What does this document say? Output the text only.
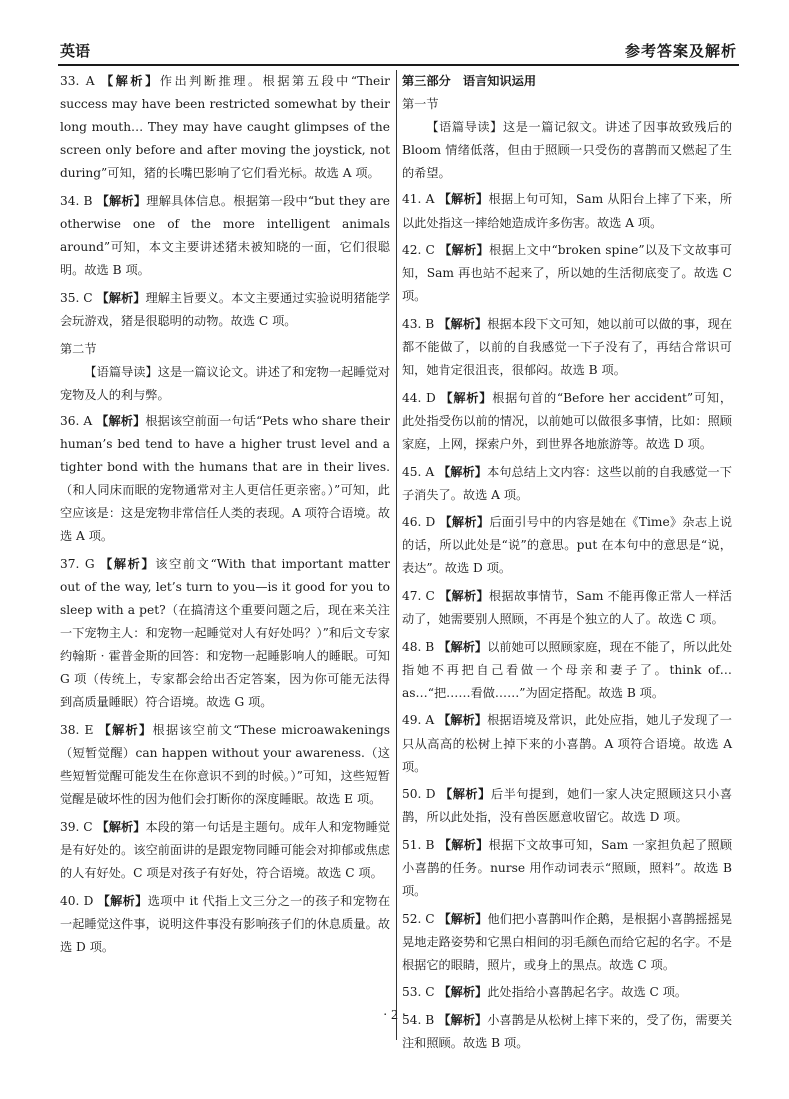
英语	参考答案及解析

33. A 【解析】作出判断推理。根据第五段中“Their success may have been restricted somewhat by their long mouth… They may have caught glimpses of the screen only before and after moving the joystick, not during”可知，猪的长嘴巴影响了它们看光标。故选 A 项。

34. B 【解析】理解具体信息。根据第一段中“but they are otherwise one of the more intelligent animals around”可知，本文主要讲述猪未被知晓的一面，它们很聪明。故选 B 项。

35. C 【解析】理解主旨要义。本文主要通过实验说明猪能学会玩游戏，猪是很聪明的动物。故选 C 项。

第二节

【语篇导读】这是一篇议论文。讲述了和宠物一起睡觉对宠物及人的利与弊。

36. A 【解析】根据该空前面一句话“Pets who share their human’s bed tend to have a higher trust level and a tighter bond with the humans that are in their lives.（和人同床而眠的宠物通常对主人更信任更亲密。）”可知，此空应该是：这是宠物非常信任人类的表现。A 项符合语境。故选 A 项。

37. G 【解析】该空前文“With that important matter out of the way, let’s turn to you—is it good for you to sleep with a pet?（在搞清这个重要问题之后，现在来关注一下宠物主人：和宠物一起睡觉对人有好处吗？）”和后文专家约翰斯 · 霍普金斯的回答：和宠物一起睡影响人的睡眠。可知 G 项（传统上，专家都会给出否定答案，因为你可能无法得到高质量睡眠）符合语境。故选 G 项。

38. E 【解析】根据该空前文“These microawakenings（短暂觉醒）can happen without your awareness.（这些短暂觉醒可能发生在你意识不到的时候。）”可知，这些短暂觉醒是破坏性的因为他们会打断你的深度睡眠。故选 E 项。

39. C 【解析】本段的第一句话是主题句。成年人和宠物睡觉是有好处的。该空前面讲的是跟宠物同睡可能会对抑郁或焦虑的人有好处。C 项是对孩子有好处，符合语境。故选 C 项。

40. D 【解析】选项中 it 代指上文三分之一的孩子和宠物在一起睡觉这件事，说明这件事没有影响孩子们的休息质量。故选 D 项。

第三部分　语言知识运用

第一节

【语篇导读】这是一篇记叙文。讲述了因事故致残后的 Bloom 情绪低落，但由于照顾一只受伤的喜鹊而又燃起了生的希望。

41. A 【解析】根据上句可知，Sam 从阳台上摔了下来，所以此处指这一摔给她造成许多伤害。故选 A 项。

42. C 【解析】根据上文中“broken spine”以及下文故事可知，Sam 再也站不起来了，所以她的生活彻底变了。故选 C 项。

43. B 【解析】根据本段下文可知，她以前可以做的事，现在都不能做了，以前的自我感觉一下子没有了，再结合常识可知，她肯定很沮丧，很郁闷。故选 B 项。

44. D 【解析】根据句首的“Before her accident”可知，此处指受伤以前的情况，以前她可以做很多事情，比如：照顾家庭，上网，探索户外，到世界各地旅游等。故选 D 项。

45. A 【解析】本句总结上文内容：这些以前的自我感觉一下子消失了。故选 A 项。

46. D 【解析】后面引号中的内容是她在《Time》杂志上说的话，所以此处是“说”的意思。put 在本句中的意思是“说，表达”。故选 D 项。

47. C 【解析】根据故事情节，Sam 不能再像正常人一样活动了，她需要别人照顾，不再是个独立的人了。故选 C 项。

48. B 【解析】以前她可以照顾家庭，现在不能了，所以此处指她不再把自己看做一个母亲和妻子了。think of…as…“把……看做……”为固定搭配。故选 B 项。

49. A 【解析】根据语境及常识，此处应指，她儿子发现了一只从高高的松树上掉下来的小喜鹊。A 项符合语境。故选 A 项。

50. D 【解析】后半句提到，她们一家人决定照顾这只小喜鹊，所以此处指，没有兽医愿意收留它。故选 D 项。

51. B 【解析】根据下文故事可知，Sam 一家担负起了照顾小喜鹊的任务。nurse 用作动词表示“照顾，照料”。故选 B 项。

52. C 【解析】他们把小喜鹊叫作企鹅，是根据小喜鹊摇摇晃晃地走路姿势和它黑白相间的羽毛颜色而给它起的名字。不是根据它的眼睛，照片，或身上的黑点。故选 C 项。

53. C 【解析】此处指给小喜鹊起名字。故选 C 项。

54. B 【解析】小喜鹊是从松树上摔下来的，受了伤，需要关注和照顾。故选 B 项。

· 2 ·
